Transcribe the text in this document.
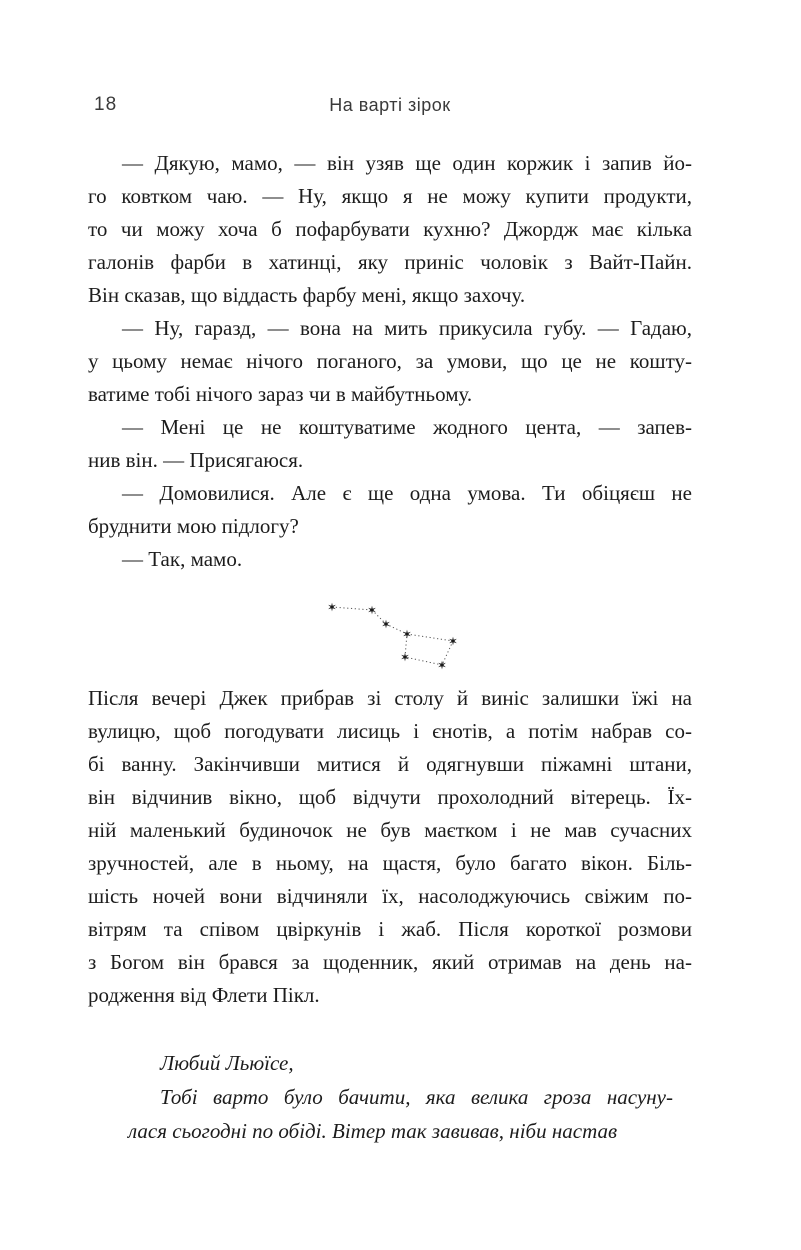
18	На варті зірок
— Дякую, мамо, — він узяв ще один коржик і запив йо-
го ковтком чаю. — Ну, якщо я не можу купити продукти,
то чи можу хоча б пофарбувати кухню? Джордж має кілька
галонів фарби в хатинці, яку приніс чоловік з Вайт-Пайн.
Він сказав, що віддасть фарбу мені, якщо захочу.
— Ну, гаразд, — вона на мить прикусила губу. — Гадаю,
у цьому немає нічого поганого, за умови, що це не кошту-
ватиме тобі нічого зараз чи в майбутньому.
— Мені це не коштуватиме жодного цента, — запев-
нив він. — Присягаюся.
— Домовилися. Але є ще одна умова. Ти обіцяєш не
бруднити мою підлогу?
— Так, мамо.
Після вечері Джек прибрав зі столу й виніс залишки їжі на
вулицю, щоб погодувати лисиць і єнотів, а потім набрав со-
бі ванну. Закінчивши митися й одягнувши піжамні штани,
він відчинив вікно, щоб відчути прохолодний вітерець. Їх-
ній маленький будиночок не був маєтком і не мав сучасних
зручностей, але в ньому, на щастя, було багато вікон. Біль-
шість ночей вони відчиняли їх, насолоджуючись свіжим по-
вітрям та співом цвіркунів і жаб. Після короткої розмови
з Богом він брався за щоденник, який отримав на день на-
родження від Флети Пікл.
Любий Льюїсе,
Тобі варто було бачити, яка велика гроза насуну-
лася сьогодні по обіді. Вітер так завивав, ніби настав
